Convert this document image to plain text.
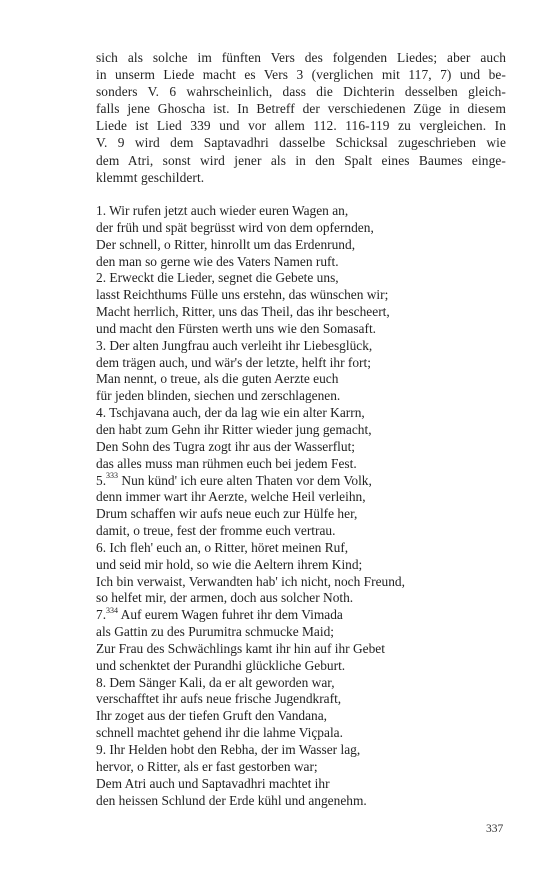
sich als solche im fünften Vers des folgenden Liedes; aber auch
in unserm Liede macht es Vers 3 (verglichen mit 117, 7) und be-
sonders V. 6 wahrscheinlich, dass die Dichterin desselben gleich-
falls jene Ghoscha ist. In Betreff der verschiedenen Züge in diesem
Liede ist Lied 339 und vor allem 112. 116-119 zu vergleichen. In
V. 9 wird dem Saptavadhri dasselbe Schicksal zugeschrieben wie
dem Atri, sonst wird jener als in den Spalt eines Baumes einge-
klemmt geschildert.
1. Wir rufen jetzt auch wieder euren Wagen an,
der früh und spät begrüsst wird von dem opfernden,
Der schnell, o Ritter, hinrollt um das Erdenrund,
den man so gerne wie des Vaters Namen ruft.
2. Erweckt die Lieder, segnet die Gebete uns,
lasst Reichthums Fülle uns erstehn, das wünschen wir;
Macht herrlich, Ritter, uns das Theil, das ihr bescheert,
und macht den Fürsten werth uns wie den Somasaft.
3. Der alten Jungfrau auch verleiht ihr Liebesglück,
dem trägen auch, und wär's der letzte, helft ihr fort;
Man nennt, o treue, als die guten Aerzte euch
für jeden blinden, siechen und zerschlagenen.
4. Tschjavana auch, der da lag wie ein alter Karrn,
den habt zum Gehn ihr Ritter wieder jung gemacht,
Den Sohn des Tugra zogt ihr aus der Wasserflut;
das alles muss man rühmen euch bei jedem Fest.
5.$^{333}$ Nun künd' ich eure alten Thaten vor dem Volk,
denn immer wart ihr Aerzte, welche Heil verleihn,
Drum schaffen wir aufs neue euch zur Hülfe her,
damit, o treue, fest der fromme euch vertrau.
6. Ich fleh' euch an, o Ritter, höret meinen Ruf,
und seid mir hold, so wie die Aeltern ihrem Kind;
Ich bin verwaist, Verwandten hab' ich nicht, noch Freund,
so helfet mir, der armen, doch aus solcher Noth.
7.$^{334}$ Auf eurem Wagen fuhret ihr dem Vimada
als Gattin zu des Purumitra schmucke Maid;
Zur Frau des Schwächlings kamt ihr hin auf ihr Gebet
und schenktet der Purandhi glückliche Geburt.
8. Dem Sänger Kali, da er alt geworden war,
verschafftet ihr aufs neue frische Jugendkraft,
Ihr zoget aus der tiefen Gruft den Vandana,
schnell machtet gehend ihr die lahme Viçpala.
9. Ihr Helden hobt den Rebha, der im Wasser lag,
hervor, o Ritter, als er fast gestorben war;
Dem Atri auch und Saptavadhri machtet ihr
den heissen Schlund der Erde kühl und angenehm.
337
